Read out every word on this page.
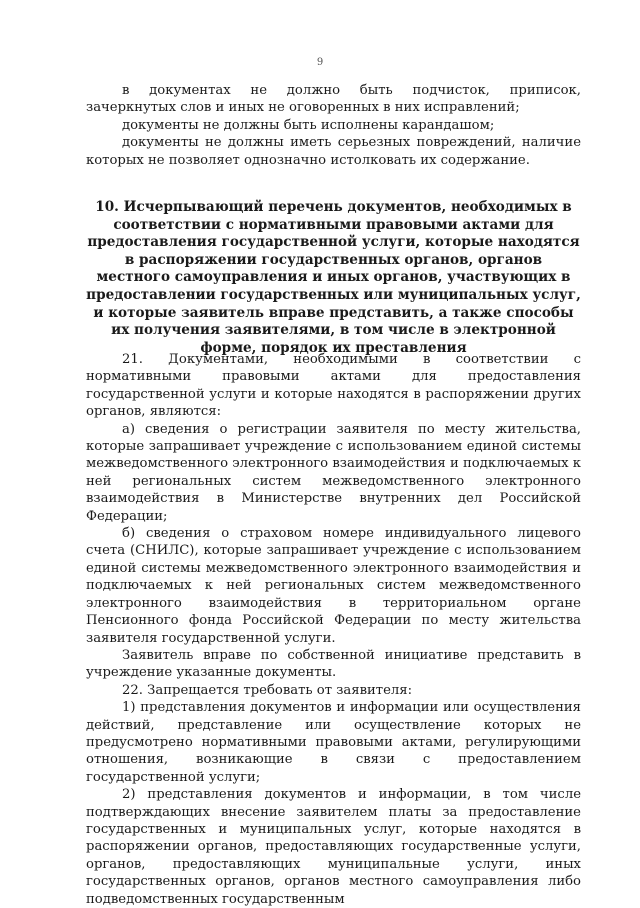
9

в документах не должно быть подчисток, приписок, зачеркнутых слов и иных не оговоренных в них исправлений;

документы не должны быть исполнены карандашом;

документы не должны иметь серьезных повреждений, наличие которых не позволяет однозначно истолковать их содержание.

10. Исчерпывающий перечень документов, необходимых в соответствии с нормативными правовыми актами для предоставления государственной услуги, которые находятся в распоряжении государственных органов, органов местного самоуправления и иных органов, участвующих в предоставлении государственных или муниципальных услуг, и которые заявитель вправе представить, а также способы их получения заявителями, в том числе в электронной форме, порядок их преставления

21. Документами, необходимыми в соответствии с нормативными правовыми актами для предоставления государственной услуги и которые находятся в распоряжении других органов, являются:

а) сведения о регистрации заявителя по месту жительства, которые запрашивает учреждение с использованием единой системы межведомственного электронного взаимодействия и подключаемых к ней региональных систем межведомственного электронного взаимодействия в Министерстве внутренних дел Российской Федерации;

б) сведения о страховом номере индивидуального лицевого счета (СНИЛС), которые запрашивает учреждение с использованием единой системы межведомственного электронного взаимодействия и подключаемых к ней региональных систем межведомственного электронного взаимодействия в территориальном органе Пенсионного фонда Российской Федерации по месту жительства заявителя государственной услуги.

Заявитель вправе по собственной инициативе представить в учреждение указанные документы.

22. Запрещается требовать от заявителя:

1) представления документов и информации или осуществления действий, представление или осуществление которых не предусмотрено нормативными правовыми актами, регулирующими отношения, возникающие в связи с предоставлением государственной услуги;

2) представления документов и информации, в том числе подтверждающих внесение заявителем платы за предоставление государственных и муниципальных услуг, которые находятся в распоряжении органов, предоставляющих государственные услуги, органов, предоставляющих муниципальные услуги, иных государственных органов, органов местного самоуправления либо подведомственных государственным
